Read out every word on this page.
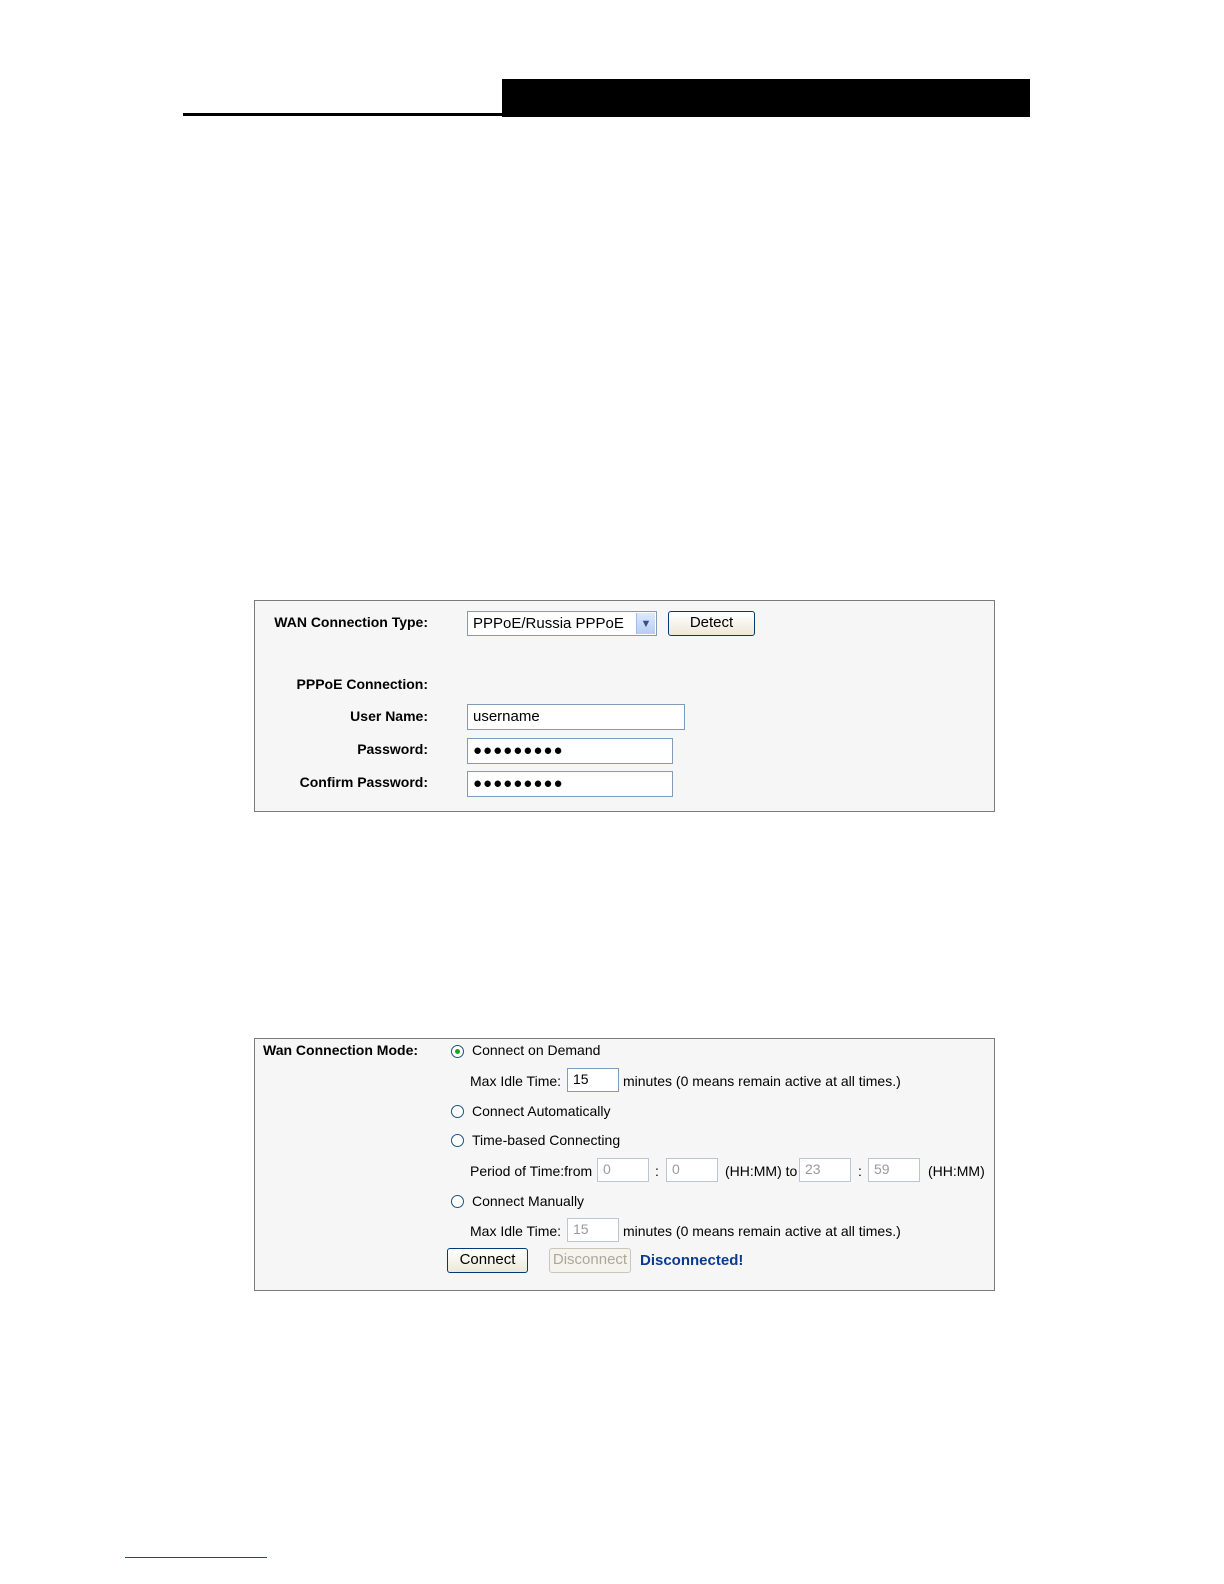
WAN Connection Type:	PPPoE/Russia PPPoE	▼	Detect
PPPoE Connection:
User Name:	username
Password:	●●●●●●●●●
Confirm Password:	●●●●●●●●●
Wan Connection Mode:	Connect on Demand
Max Idle Time: 15	minutes (0 means remain active at all times.)
Connect Automatically
Time-based Connecting
Period of Time:from 0	: 0	(HH:MM) to 23	: 59	(HH:MM)
Connect Manually
Max Idle Time: 15	minutes (0 means remain active at all times.)
Connect	Disconnect Disconnected!
